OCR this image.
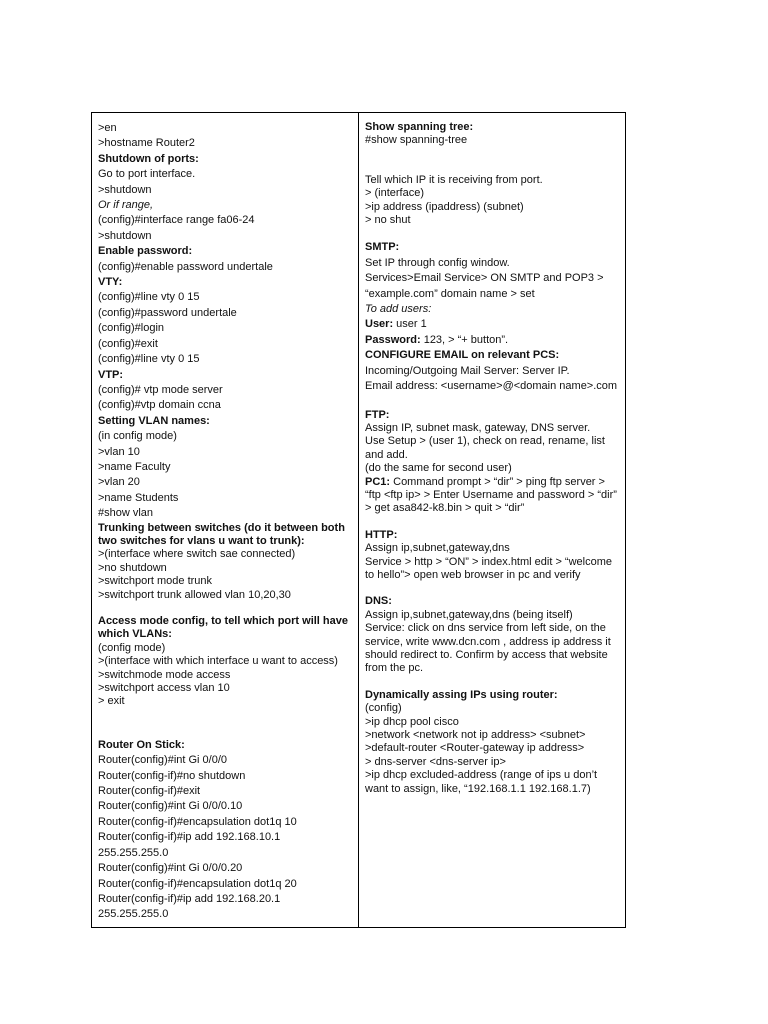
>en

>hostname Router2

Shutdown of ports:

Go to port interface.

>shutdown

Or if range,

(config)#interface range fa06-24

>shutdown

Enable password:

(config)#enable password undertale

VTY:

(config)#line vty 0 15

(config)#password undertale

(config)#login

(config)#exit

(config)#line vty 0 15

VTP:

(config)# vtp mode server

(config)#vtp domain ccna

Setting VLAN names:

(in config mode)

>vlan 10

>name Faculty

>vlan 20

>name Students

#show vlan

Trunking between switches (do it between both two switches for vlans u want to trunk):

>(interface where switch sae connected)

>no shutdown

>switchport mode trunk

>switchport trunk allowed vlan 10,20,30

Access mode config, to tell which port will have which VLANs:

(config mode)

>(interface with which interface u want to access)

>switchmode mode access

>switchport access vlan 10

> exit

Router On Stick:

Router(config)#int Gi 0/0/0

Router(config-if)#no shutdown

Router(config-if)#exit

Router(config)#int Gi 0/0/0.10

Router(config-if)#encapsulation dot1q 10

Router(config-if)#ip add 192.168.10.1

255.255.255.0

Router(config)#int Gi 0/0/0.20

Router(config-if)#encapsulation dot1q 20

Router(config-if)#ip add 192.168.20.1

255.255.255.0

Show spanning tree:

#show spanning-tree

Tell which IP it is receiving from port.

> (interface)

>ip address (ipaddress) (subnet)

> no shut

SMTP:

Set IP through config window.

Services>Email Service> ON SMTP and POP3 > “example.com” domain name > set

To add users:

User: user 1

Password: 123, > “+ button”.

CONFIGURE EMAIL on relevant PCS:

Incoming/Outgoing Mail Server: Server IP.

Email address: <username>@<domain name>.com

FTP:

Assign IP, subnet mask, gateway, DNS server.

Use Setup > (user 1), check on read, rename, list and add.

(do the same for second user)

PC1: Command prompt > “dir” > ping ftp server > “ftp <ftp ip> > Enter Username and password > “dir” > get asa842-k8.bin > quit > “dir”

HTTP:

Assign ip,subnet,gateway,dns

Service > http > “ON” > index.html edit > “welcome to hello”> open web browser in pc and verify

DNS:

Assign ip,subnet,gateway,dns (being itself)

Service: click on dns service from left side, on the service, write www.dcn.com , address ip address it should redirect to. Confirm by access that website from the pc.

Dynamically assing IPs using router:

(config)

>ip dhcp pool cisco

>network <network not ip address> <subnet>

>default-router <Router-gateway ip address>

> dns-server <dns-server ip>

>ip dhcp excluded-address (range of ips u don’t want to assign, like, “192.168.1.1 192.168.1.7)
